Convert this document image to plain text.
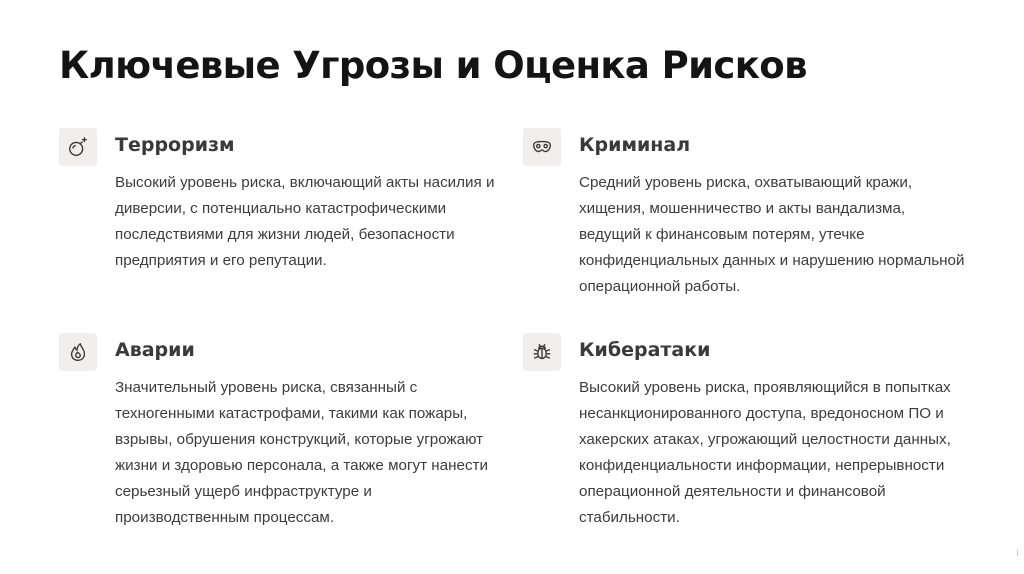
Ключевые Угрозы и Оценка Рисков
Терроризм

Высокий уровень риска, включающий акты насилия и диверсии, с потенциально катастрофическими последствиями для жизни людей, безопасности предприятия и его репутации.

Криминал

Средний уровень риска, охватывающий кражи, хищения, мошенничество и акты вандализма, ведущий к финансовым потерям, утечке конфиденциальных данных и нарушению нормальной операционной работы.

Аварии

Значительный уровень риска, связанный с техногенными катастрофами, такими как пожары, взрывы, обрушения конструкций, которые угрожают жизни и здоровью персонала, а также могут нанести серьезный ущерб инфраструктуре и производственным процессам.

Кибератаки

Высокий уровень риска, проявляющийся в попытках несанкционированного доступа, вредоносном ПО и хакерских атаках, угрожающий целостности данных, конфиденциальности информации, непрерывности операционной деятельности и финансовой стабильности.
